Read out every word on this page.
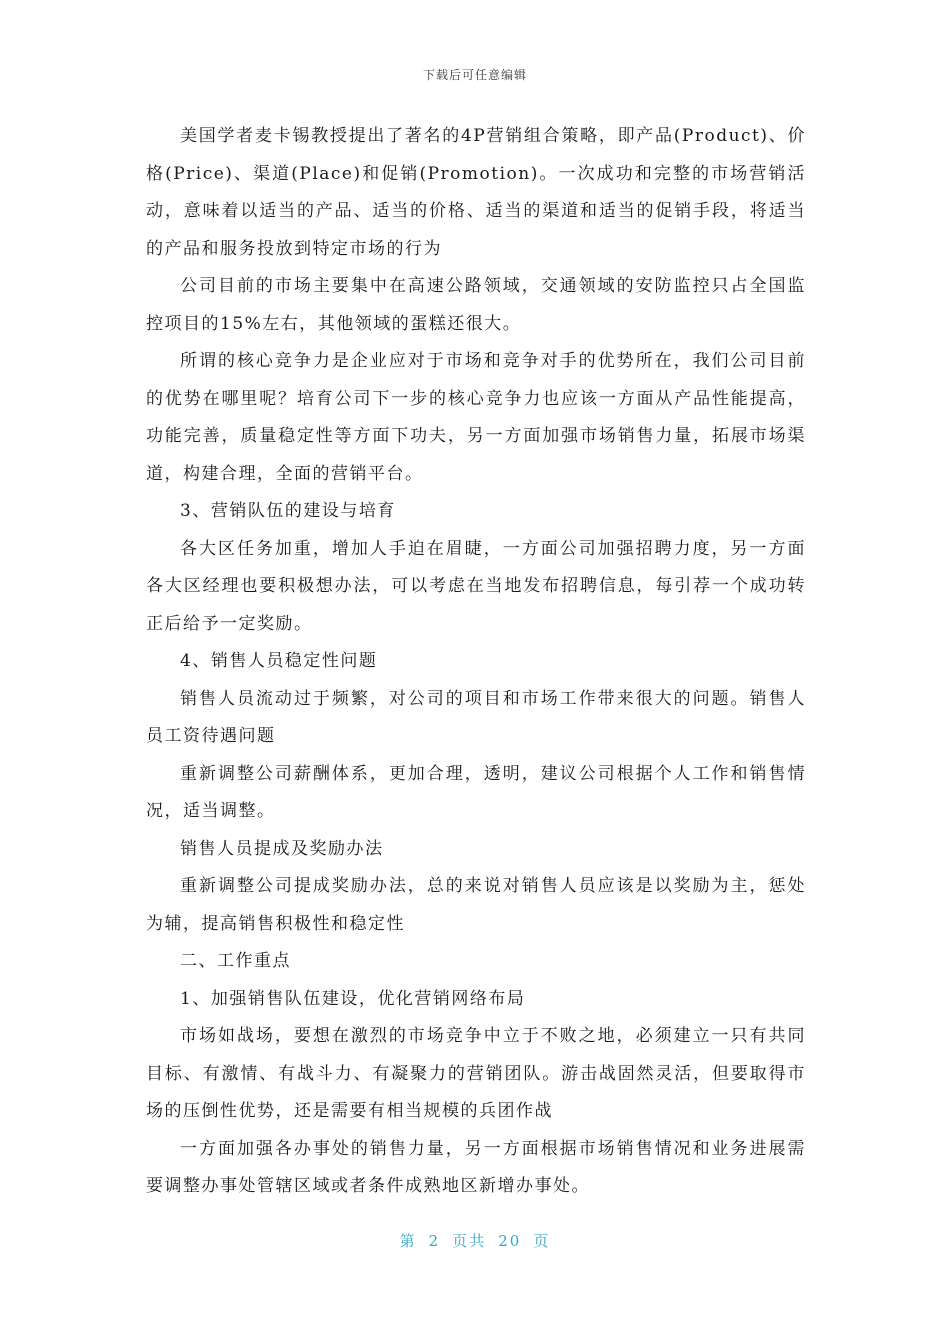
下载后可任意编辑

美国学者麦卡锡教授提出了著名的4P营销组合策略，即产品(Product)、价格(Price)、渠道(Place)和促销(Promotion)。一次成功和完整的市场营销活动，意味着以适当的产品、适当的价格、适当的渠道和适当的促销手段，将适当的产品和服务投放到特定市场的行为

公司目前的市场主要集中在高速公路领域，交通领域的安防监控只占全国监控项目的15%左右，其他领域的蛋糕还很大。

所谓的核心竞争力是企业应对于市场和竞争对手的优势所在，我们公司目前的优势在哪里呢？培育公司下一步的核心竞争力也应该一方面从产品性能提高，功能完善，质量稳定性等方面下功夫，另一方面加强市场销售力量，拓展市场渠道，构建合理，全面的营销平台。

3、营销队伍的建设与培育

各大区任务加重，增加人手迫在眉睫，一方面公司加强招聘力度，另一方面各大区经理也要积极想办法，可以考虑在当地发布招聘信息，每引荐一个成功转正后给予一定奖励。

4、销售人员稳定性问题

销售人员流动过于频繁，对公司的项目和市场工作带来很大的问题。销售人员工资待遇问题

重新调整公司薪酬体系，更加合理，透明，建议公司根据个人工作和销售情况，适当调整。

销售人员提成及奖励办法

重新调整公司提成奖励办法，总的来说对销售人员应该是以奖励为主，惩处为辅，提高销售积极性和稳定性

二、工作重点

1、加强销售队伍建设，优化营销网络布局

市场如战场，要想在激烈的市场竞争中立于不败之地，必须建立一只有共同目标、有激情、有战斗力、有凝聚力的营销团队。游击战固然灵活，但要取得市场的压倒性优势，还是需要有相当规模的兵团作战

一方面加强各办事处的销售力量，另一方面根据市场销售情况和业务进展需要调整办事处管辖区域或者条件成熟地区新增办事处。

第 2 页共 20 页
